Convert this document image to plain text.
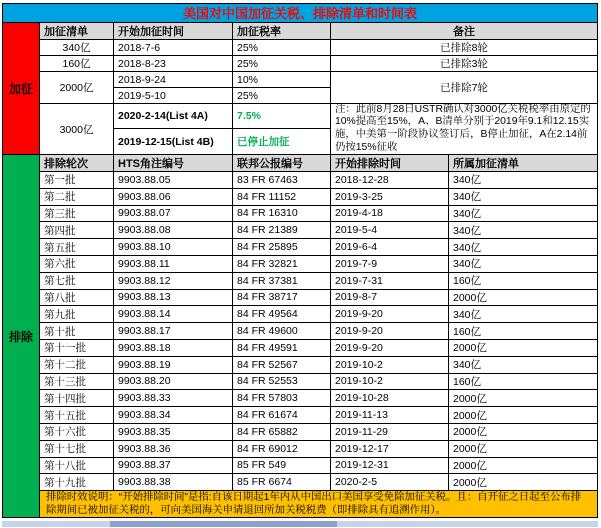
美国对中国加征关税、排除清单和时间表
加征
加征清单	开始加征时间	加征税率	备注
340亿	2018-7-6	25%	已排除8轮
160亿	2018-8-23	25%	已排除3轮
2000亿
2018-9-24	10%
已排除7轮
2019-5-10	25%
3000亿
2020-2-14(List 4A)	7.5%
注：此前8月28日USTR确认对3000亿关税税率由原定的10%提高至15%，A、B清单分别于2019年9.1和12.15实施，中美第一阶段协议签订后，B停止加征，A在2.14前仍按15%征收
2019-12-15(List 4B)	已停止加征
排除
排除轮次	HTS角注编号	联邦公报编号	开始排除时间	所属加征清单
第一批	9903.88.05	83 FR 67463	2018-12-28	340亿
第二批	9903.88.06	84 FR 11152	2019-3-25	340亿
第三批	9903.88.07	84 FR 16310	2019-4-18	340亿
第四批	9903.88.08	84 FR 21389	2019-5-4	340亿
第五批	9903.88.10	84 FR 25895	2019-6-4	340亿
第六批	9903.88.11	84 FR 32821	2019-7-9	340亿
第七批	9903.88.12	84 FR 37381	2019-7-31	160亿
第八批	9903.88.13	84 FR 38717	2019-8-7	2000亿
第九批	9903.88.14	84 FR 49564	2019-9-20	340亿
第十批	9903.88.17	84 FR 49600	2019-9-20	160亿
第十一批	9903.88.18	84 FR 49591	2019-9-20	2000亿
第十二批	9903.88.19	84 FR 52567	2019-10-2	340亿
第十三批	9903.88.20	84 FR 52553	2019-10-2	160亿
第十四批	9903.88.33	84 FR 57803	2019-10-28	2000亿
第十五批	9903.88.34	84 FR 61674	2019-11-13	2000亿
第十六批	9903.88.35	84 FR 65882	2019-11-29	2000亿
第十七批	9903.88.36	84 FR 69012	2019-12-17	2000亿
第十八批	9903.88.37	85 FR 549	2019-12-31	2000亿
第十九批	9903.88.38	85 FR 6674	2020-2-5	2000亿
排除时效说明：“开始排除时间”是指:自该日期起1年内从中国出口美国享受免除加征关税。且：自开征之日起至公布排除期间已被加征关税的，可向美国海关申请退回所加关税税费（即排除具有追溯作用）。
